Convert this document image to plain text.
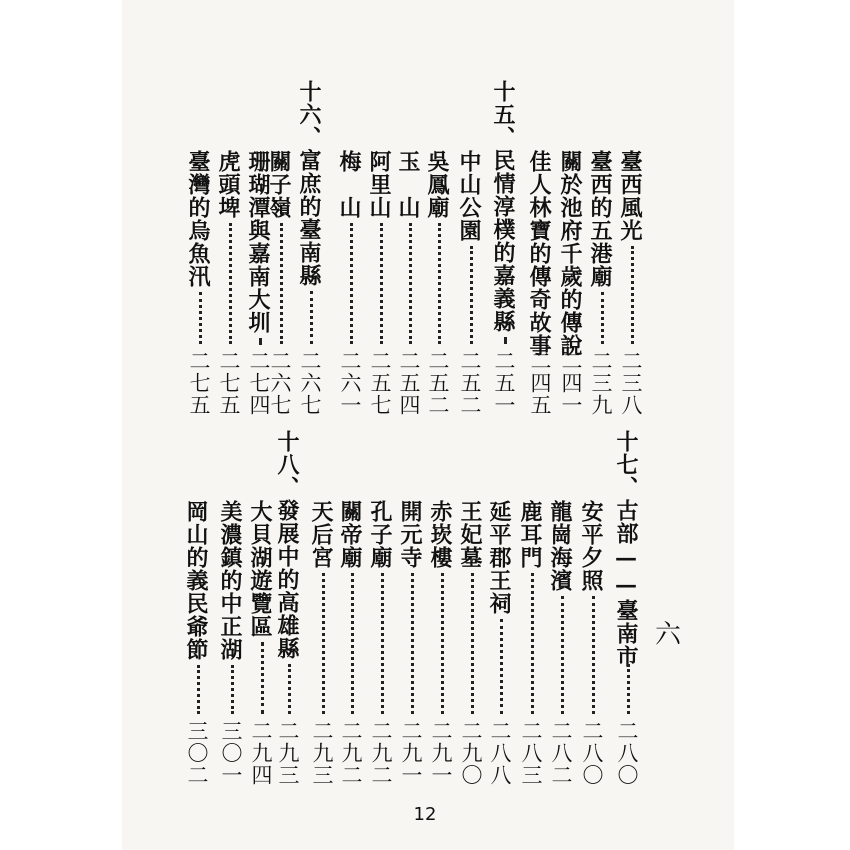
臺西風光
二三八
臺西的五港廟
二三九
關於池府千歲的傳說
二四一
佳人林寶的傳奇故事
二四五
十五、民情淳樸的嘉義縣
二五一
中山公園
二五二
吳鳳廟
二五二
玉　山
二五四
阿里山
二五七
梅　山
二六一
十六、富庶的臺南縣
二六七
關子嶺
二六七
珊瑚潭與嘉南大圳
二七四
虎頭埤
二七五
臺灣的烏魚汛
二七五
十七、古部——臺南市
二八〇
安平夕照
二八〇
龍崗海濱
二八二
鹿耳門
二八三
延平郡王祠
二八八
王妃墓
二九〇
赤崁樓
二九一
開元寺
二九一
孔子廟
二九二
關帝廟
二九二
天后宮
二九三
十八、發展中的高雄縣
二九三
大貝湖遊覽區
二九四
美濃鎮的中正湖
三〇一
岡山的義民爺節
三〇二
六
12
